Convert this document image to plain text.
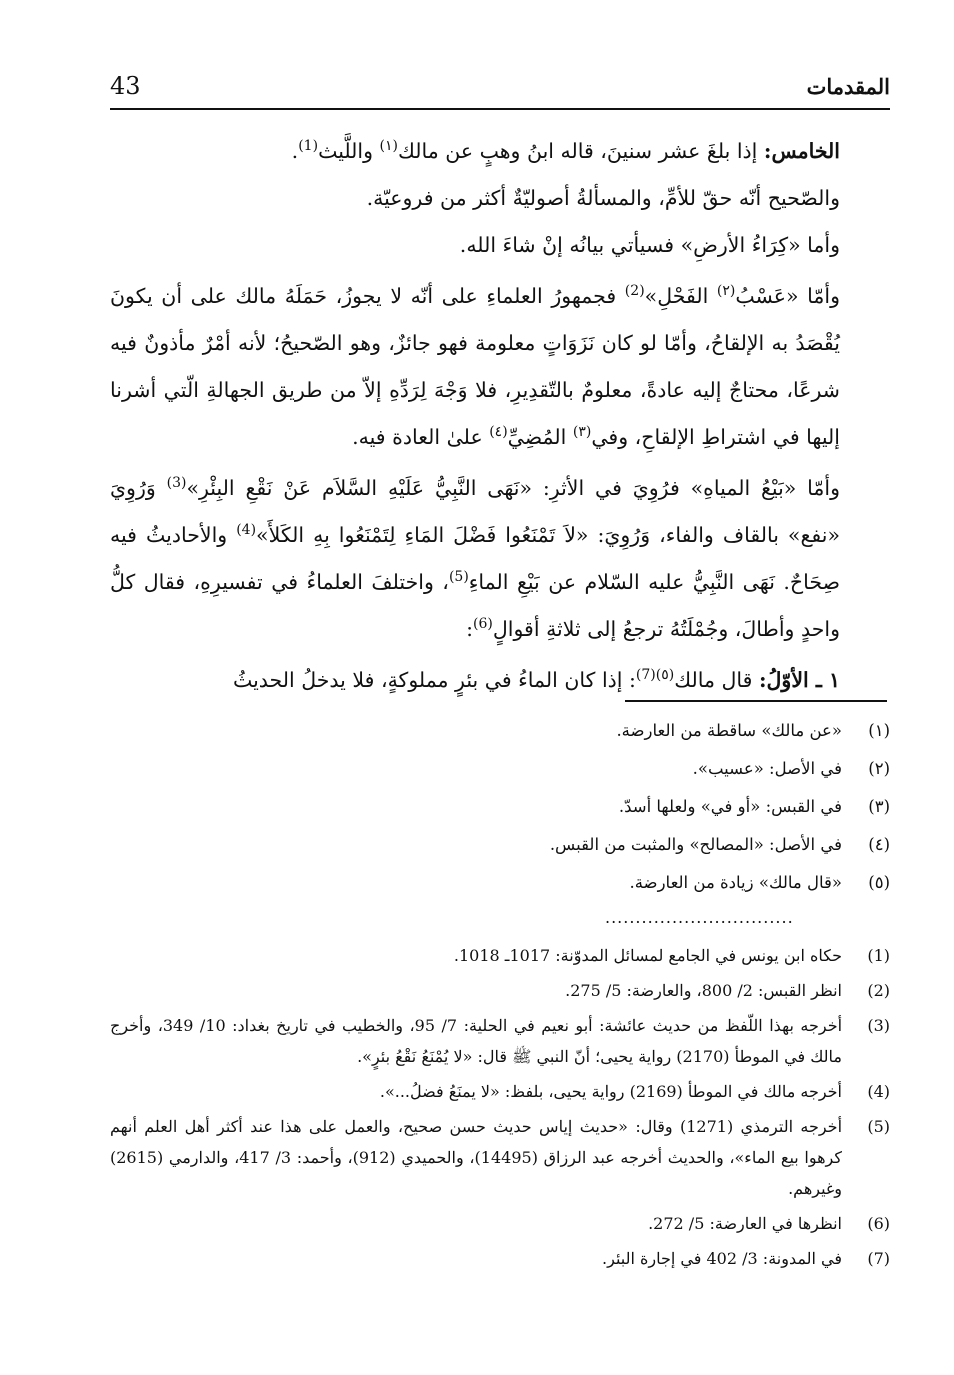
43	المقدمات

الخامس: إذا بلغَ عشر سنينَ، قاله ابنُ وهبٍ عن مالك$^{(١)}$ واللَّيث$^{(1)}$.

والصّحيح أنّه حقّ للأمِّ، والمسألةُ أصوليّةٌ أكثر من فروعيّة.

وأما «كِرَاءُ الأرضِ» فسيأتي بيانُه إنْ شاءَ الله.

وأمّا «عَسْبُ$^{(٢)}$ الفَحْلِ»$^{(2)}$ فجمهورُ العلماءِ على أنّه لا يجوزُ، حَمَلَهُ مالك على أن يكونَ يُقْصَدُ به الإلقاحُ، وأمّا لو كان نَزَوَاتٍ معلومة فهو جائزٌ، وهو الصّحيحُ؛ لأنه أمْرٌ مأذونٌ فيه شرعًا، محتاجٌ إليه عادةً، معلومٌ بالتّقدِيرِ، فلا وَجْهَ لِرَدِّهِ إلاّ من طريق الجهالةِ الّتي أشرنا إليها في اشتراطِ الإلقاحِ، وفي$^{(٣)}$ المُضِيِّ$^{(٤)}$ علىٰ العادة فيه.

وأمّا «بَيْعُ المياهِ» فرُوِيَ في الأثرِ: «نَهَى النَّبِيُّ عَلَيْهِ السَّلاَم عَنْ نَقْعِ البِئْرِ»$^{(3)}$ وَرُوِيَ «نفع» بالقاف والفاء، وَرُوِيَ: «لاَ تَمْنَعُوا فَضْلَ المَاءِ لِتَمْنَعُوا بِهِ الكَلأَ»$^{(4)}$ والأحاديثُ فيه صِحَاحٌ. نَهَى النَّبِيُّ عليه السّلام عن بَيْعِ الماءِ$^{(5)}$، واختلفَ العلماءُ في تفسيرِهِ، فقال كلُّ واحدٍ وأطالَ، وجُمْلَتُهُ ترجعُ إلى ثلاثةِ أقوالٍ$^{(6)}$:

١ ـ الأوّلُ: قال مالك$^{(٥)(7)}$: إذا كان الماءُ في بئرٍ مملوكةٍ، فلا يدخلُ الحديثُ

(١)
«عن مالك» ساقطة من العارضة.
(٢)
في الأصل: «عسيب».
(٣)
في القبس: «أو في» ولعلها أسدّ.
(٤)
في الأصل: «المصالح» والمثبت من القبس.
(٥)
«قال مالك» زيادة من العارضة.
...............................
(1)
حكاه ابن يونس في الجامع لمسائل المدوّنة: 1017ـ 1018.
(2)
انظر القبس: 2/ 800، والعارضة: 5/ 275.
(3)
أخرجه بهذا اللّفظ من حديث عائشة: أبو نعيم في الحلية: 7/ 95، والخطيب في تاريخ بغداد: 10/ 349، وأخرج مالك في الموطأ (2170) رواية يحيى؛ أنّ النبي ﷺ قال: «لا يُمْنَعُ نَقْعُ بئرٍ».
(4)
أخرجه مالك في الموطأ (2169) رواية يحيى، بلفظ: «لا يمنَعُ فضلُ...».
(5)
أخرجه الترمذي (1271) وقال: «حديث إياس حديث حسن صحيح، والعمل على هذا عند أكثر أهل العلم أنهم كرهوا بيع الماء»، والحديث أخرجه عبد الرزاق (14495)، والحميدي (912)، وأحمد: 3/ 417، والدارمي (2615) وغيرهم.
(6)
انظرها في العارضة: 5/ 272.
(7)
في المدونة: 3/ 402 في إجارة البئر.
